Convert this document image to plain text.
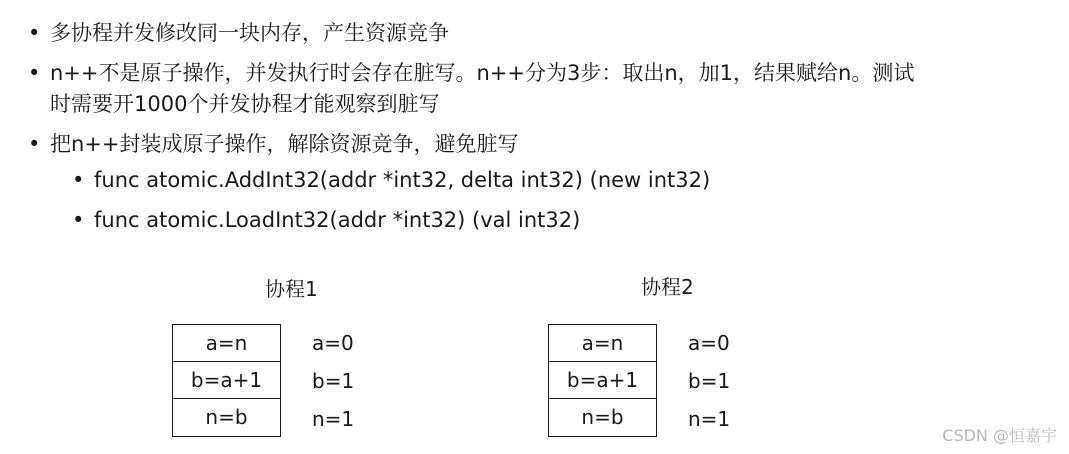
• 多协程并发修改同一块内存，产生资源竞争
• n++不是原子操作，并发执行时会存在脏写。n++分为3步：取出n，加1，结果赋给n。测试
时需要开1000个并发协程才能观察到脏写
• 把n++封装成原子操作，解除资源竞争，避免脏写
• func atomic.AddInt32(addr *int32, delta int32) (new int32)
• func atomic.LoadInt32(addr *int32) (val int32)
协程1
a=n
b=a+1
n=b
a=0
b=1
n=1
协程2
a=n
b=a+1
n=b
a=0
b=1
n=1
CSDN @恒嘉宇
